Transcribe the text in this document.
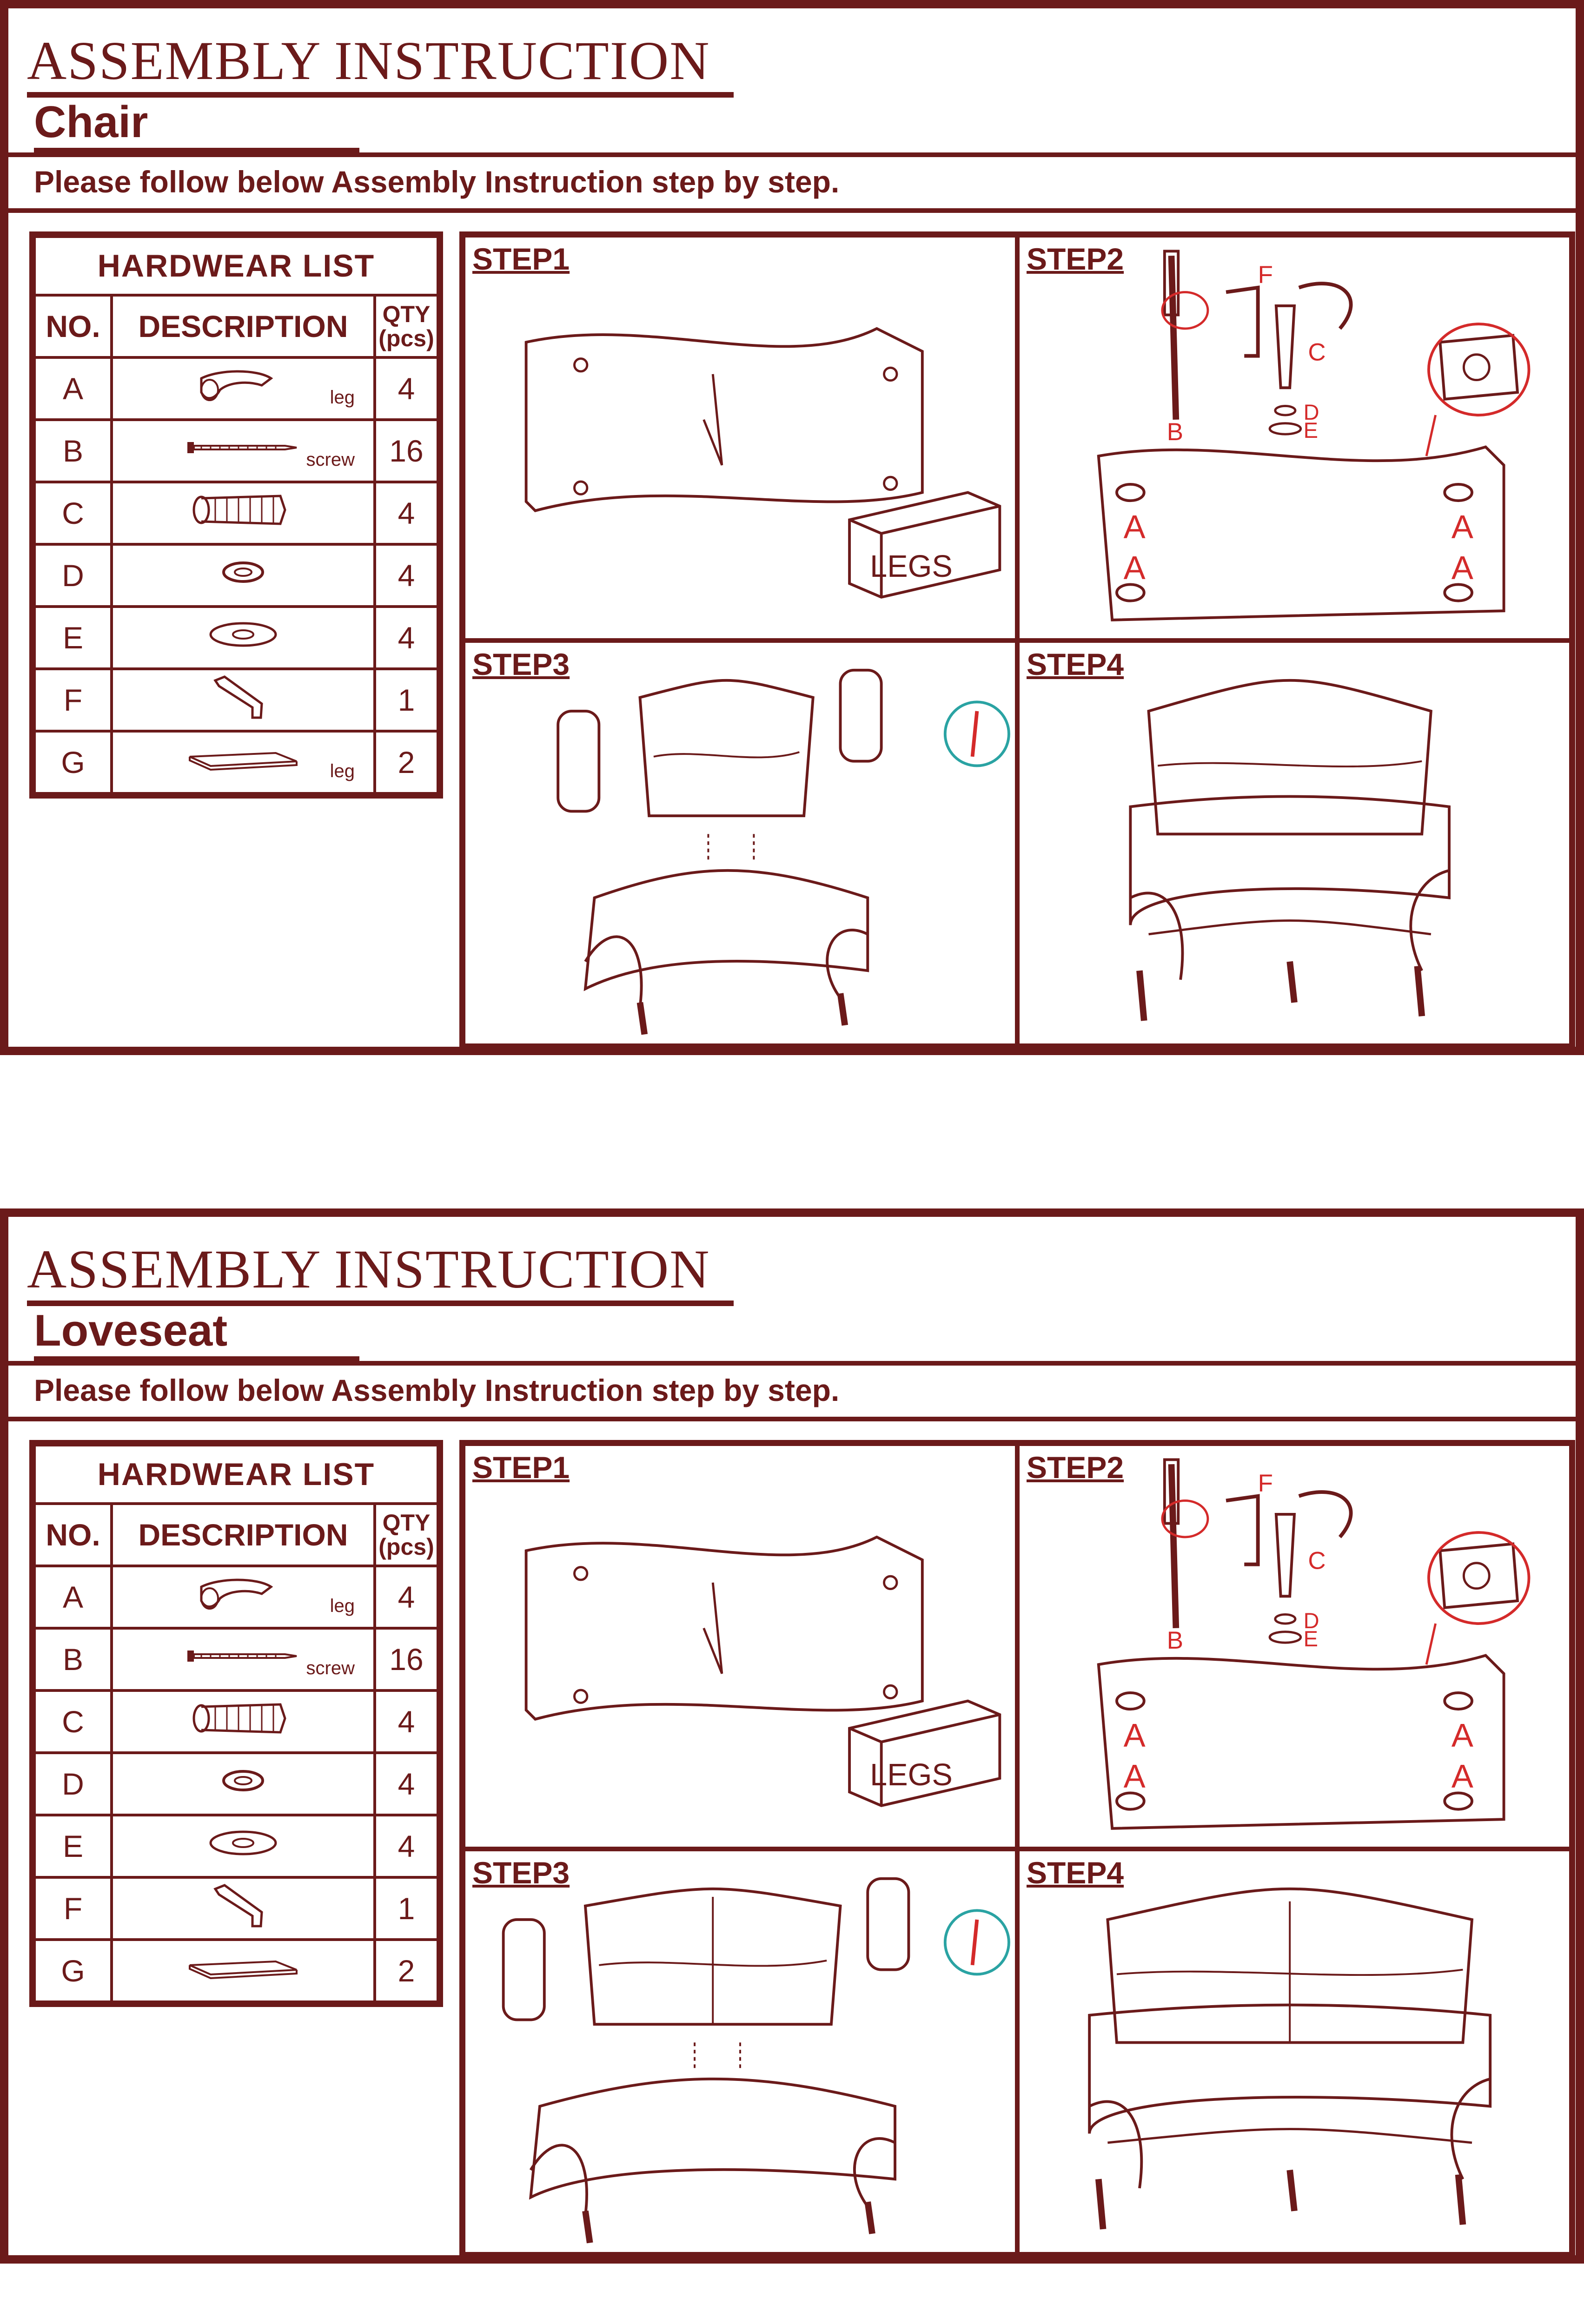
ASSEMBLY INSTRUCTION
Chair
Please follow below Assembly Instruction step by step.
HARDWEAR LIST		
NO.	DESCRIPTION	QTY (pcs)
A	leg	4
B	screw	16
C		4
D		4
E		4
F		1
G	leg	2
LEGS
STEP1
B
F
C
D
E
A	A
A	A
STEP2
STEP3	STEP4
ASSEMBLY INSTRUCTION
Loveseat
Please follow below Assembly Instruction step by step.
HARDWEAR LIST		
NO.	DESCRIPTION	QTY (pcs)
A	leg	4
B	screw	16
C		4
D		4
E		4
F		1
G		2
LEGS
STEP1
B
F
C
D
E
A	A
A	A
STEP2
STEP3	STEP4
